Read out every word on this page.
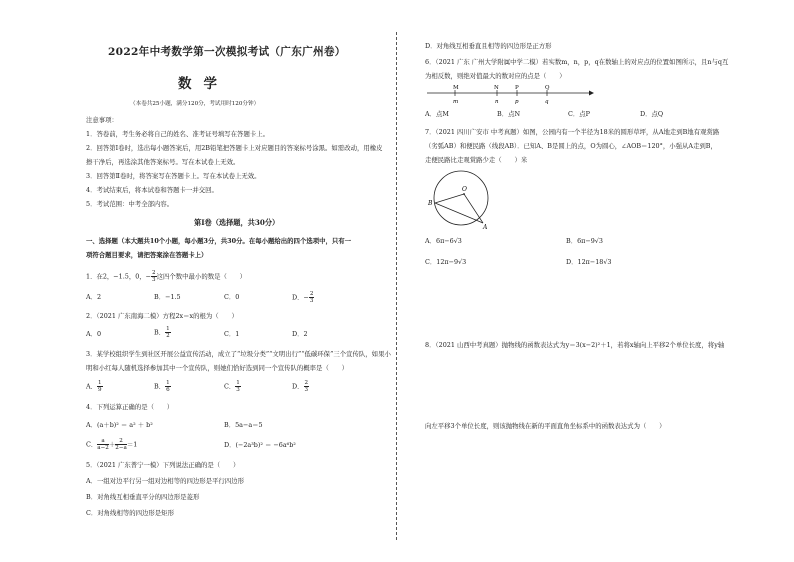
2022年中考数学第一次模拟考试（广东广州卷）
数学
（本卷共25小题，满分120分，考试用时120分钟）
注意事项：
1．答卷前，考生务必将自己的姓名、准考证号填写在答题卡上。
2．回答第Ⅰ卷时，选出每小题答案后，用2B铅笔把答题卡上对应题目的答案标号涂黑。如需改动，用橡皮
擦干净后，再选涂其他答案标号。写在本试卷上无效。
3．回答第Ⅱ卷时，将答案写在答题卡上。写在本试卷上无效。
4．考试结束后，将本试卷和答题卡一并交回。
5．考试范围：中考全部内容。
第Ⅰ卷（选择题，共30分）
一、选择题（本大题共10个小题，每小题3分，共30分。在每小题给出的四个选项中，只有一
项符合题目要求，请把答案涂在答题卡上）
1．在2，−1.5，0，− $\frac{2}{3}$ 这四个数中最小的数是（　　）
A．2	B．−1.5	C．0	D．− $\frac{2}{3}$
2．（2021 广东南海二模）方程2x＝x的根为（　　）
A．0	B． $\frac{1}{2}$	C．1	D．2
3．某学校组织学生到社区开展公益宣传活动，成立了“垃圾分类”“文明出行”“低碳环保”三个宣传队，如果小
明和小红每人随机选择参加其中一个宣传队，则她们恰好选到同一个宣传队的概率是（　　）
A． $\frac{1}{9}$	B． $\frac{1}{6}$	C． $\frac{1}{3}$	D． $\frac{2}{3}$
4．下列运算正确的是（　　）
A．(a＋b)² ＝ a² ＋ b²	B．5a−a＝5
C． $\frac{a}{a-2} + \frac{2}{2-a} =1$	D．(−2a³b)² ＝ −6a⁶b²
5．（2021 广东普宁一模）下列说法正确的是（　　）
A．一组对边平行另一组对边相等的四边形是平行四边形
B．对角线互相垂直平分的四边形是菱形
C．对角线相等的四边形是矩形
D．对角线互相垂直且相等的四边形是正方形
6．（2021 广东 广州大学附属中学二模）若实数m，n，p，q在数轴上的对应点的位置如图所示，且n与q互
为相反数，则绝对值最大的数对应的点是（　　）
M	N	P	Q
m	n	p	q
A．点M	B．点N	C．点P	D．点Q
7．（2021 四川广安市 中考真题）如图，公园内有一个半径为18米的圆形草坪，从A地走到B地有观赏路
（劣弧AB）和便民路（线段AB）．已知A、B是圆上的点，O为圆心，∠AOB＝120°，小强从A走到B，
走便民路比走观赏路少走（　　）米
O
B
A
A．6π−6√3	B．6π−9√3
C．12π−9√3	D．12π−18√3
8．（2021 山西中考真题）抛物线的函数表达式为y＝3(x−2)²＋1，若将x轴向上平移2个单位长度，将y轴
向左平移3个单位长度，则该抛物线在新的平面直角坐标系中的函数表达式为（　　）
